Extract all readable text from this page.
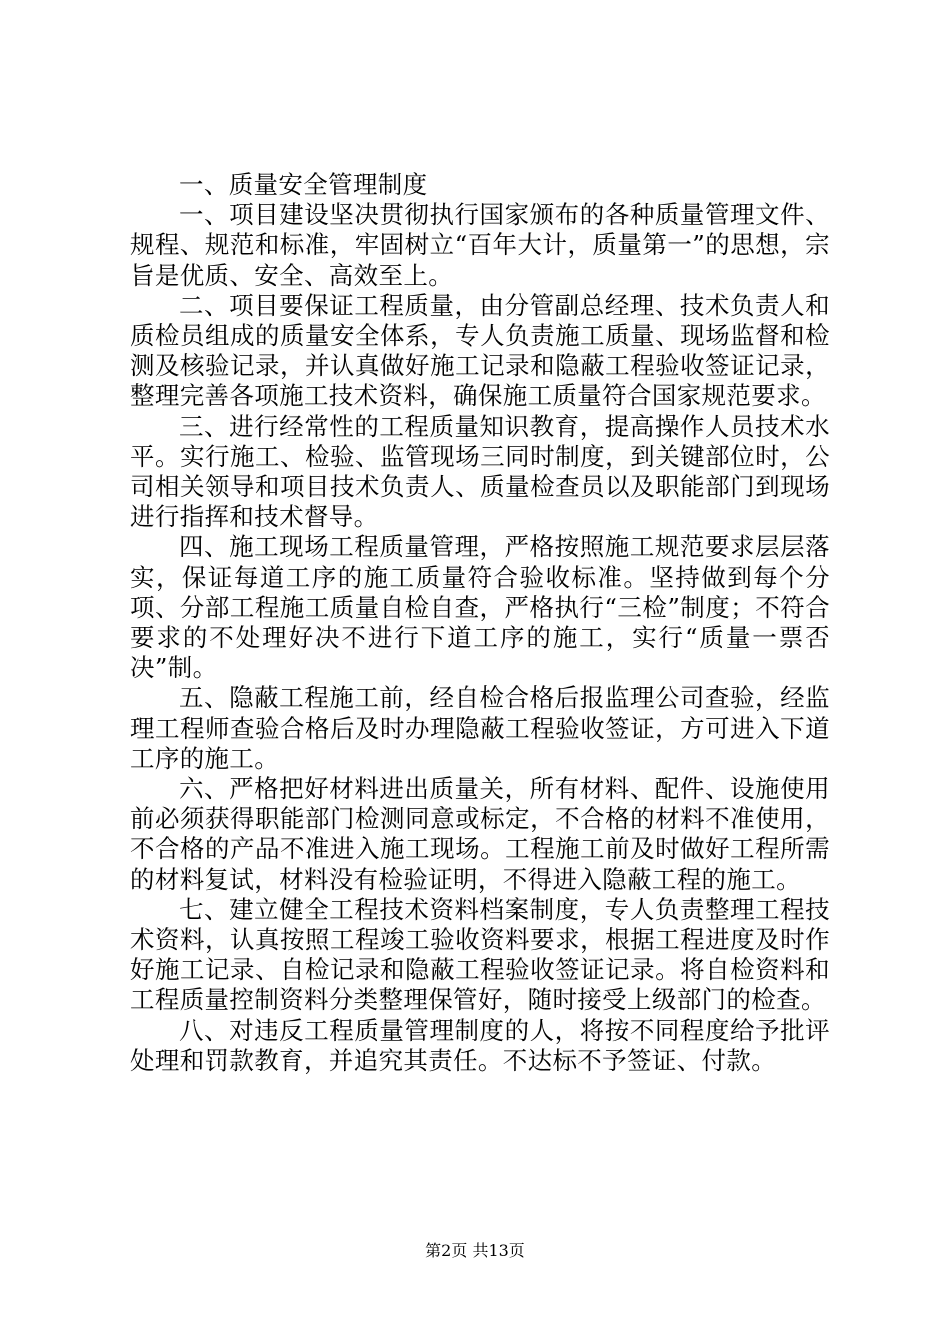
一、质量安全管理制度

一、项目建设坚决贯彻执行国家颁布的各种质量管理文件、规程、规范和标准，牢固树立“百年大计，质量第一”的思想，宗旨是优质、安全、高效至上。

二、项目要保证工程质量，由分管副总经理、技术负责人和质检员组成的质量安全体系，专人负责施工质量、现场监督和检测及核验记录，并认真做好施工记录和隐蔽工程验收签证记录，整理完善各项施工技术资料，确保施工质量符合国家规范要求。

三、进行经常性的工程质量知识教育，提高操作人员技术水平。实行施工、检验、监管现场三同时制度，到关键部位时，公司相关领导和项目技术负责人、质量检查员以及职能部门到现场进行指挥和技术督导。

四、施工现场工程质量管理，严格按照施工规范要求层层落实，保证每道工序的施工质量符合验收标准。坚持做到每个分项、分部工程施工质量自检自查，严格执行“三检”制度；不符合要求的不处理好决不进行下道工序的施工，实行“质量一票否决”制。

五、隐蔽工程施工前，经自检合格后报监理公司查验，经监理工程师查验合格后及时办理隐蔽工程验收签证，方可进入下道工序的施工。

六、严格把好材料进出质量关，所有材料、配件、设施使用前必须获得职能部门检测同意或标定，不合格的材料不准使用，不合格的产品不准进入施工现场。工程施工前及时做好工程所需的材料复试，材料没有检验证明，不得进入隐蔽工程的施工。

七、建立健全工程技术资料档案制度，专人负责整理工程技术资料，认真按照工程竣工验收资料要求，根据工程进度及时作好施工记录、自检记录和隐蔽工程验收签证记录。将自检资料和工程质量控制资料分类整理保管好，随时接受上级部门的检查。

八、对违反工程质量管理制度的人，将按不同程度给予批评处理和罚款教育，并追究其责任。不达标不予签证、付款。

第2页 共13页
